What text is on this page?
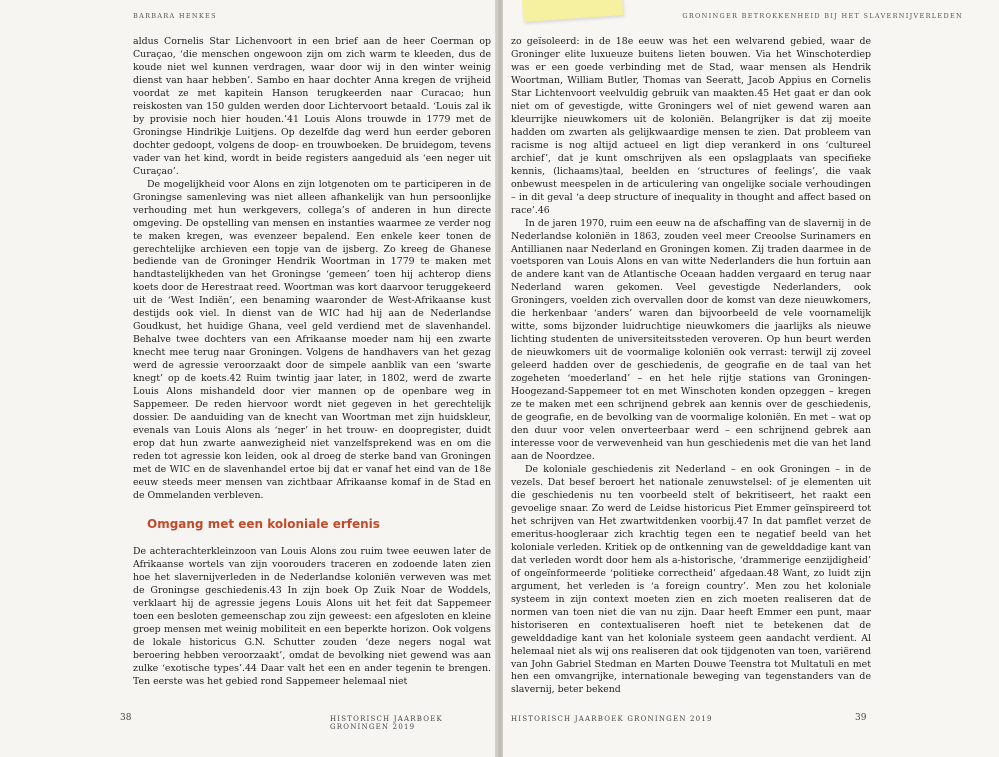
BARBARA HENKES

aldus Cornelis Star Lichenvoort in een brief aan de heer Coerman op Curaçao, ‘die menschen ongewoon zijn om zich warm te kleeden, dus de koude niet wel kunnen verdragen, waar door wij in den winter weinig dienst van haar hebben’. Sambo en haar dochter Anna kregen de vrijheid voordat ze met kapitein Hanson terugkeerden naar Curacao; hun reiskosten van 150 gulden werden door Lichtervoort betaald. ‘Louis zal ik by provisie noch hier houden.’41 Louis Alons trouwde in 1779 met de Groningse Hindrikje Luitjens. Op dezelfde dag werd hun eerder geboren dochter gedoopt, volgens de doop- en trouwboeken. De bruidegom, tevens vader van het kind, wordt in beide registers aangeduid als ‘een neger uit Curaçao’.

De mogelijkheid voor Alons en zijn lotgenoten om te participeren in de Groningse samenleving was niet alleen afhankelijk van hun persoonlijke verhouding met hun werkgevers, collega’s of anderen in hun directe omgeving. De opstelling van mensen en instanties waarmee ze verder nog te maken kregen, was evenzeer bepalend. Een enkele keer tonen de gerechtelijke archieven een topje van de ijsberg. Zo kreeg de Ghanese bediende van de Groninger Hendrik Woortman in 1779 te maken met handtastelijkheden van het Groningse ‘gemeen’ toen hij achterop diens koets door de Herestraat reed. Woortman was kort daarvoor teruggekeerd uit de ‘West Indiën’, een benaming waaronder de West-Afrikaanse kust destijds ook viel. In dienst van de WIC had hij aan de Nederlandse Goudkust, het huidige Ghana, veel geld verdiend met de slavenhandel. Behalve twee dochters van een Afrikaanse moeder nam hij een zwarte knecht mee terug naar Groningen. Volgens de handhavers van het gezag werd de agressie veroorzaakt door de simpele aanblik van een ‘swarte knegt’ op de koets.42 Ruim twintig jaar later, in 1802, werd de zwarte Louis Alons mishandeld door vier mannen op de openbare weg in Sappemeer. De reden hiervoor wordt niet gegeven in het gerechtelijk dossier. De aanduiding van de knecht van Woortman met zijn huidskleur, evenals van Louis Alons als ‘neger’ in het trouw- en doopregister, duidt erop dat hun zwarte aanwezigheid niet vanzelfsprekend was en om die reden tot agressie kon leiden, ook al droeg de sterke band van Groningen met de WIC en de slavenhandel ertoe bij dat er vanaf het eind van de 18e eeuw steeds meer mensen van zichtbaar Afrikaanse komaf in de Stad en de Ommelanden verbleven.

Omgang met een koloniale erfenis

De achterachterkleinzoon van Louis Alons zou ruim twee eeuwen later de Afrikaanse wortels van zijn voorouders traceren en zodoende laten zien hoe het slavernijverleden in de Nederlandse koloniën verweven was met de Groningse geschiedenis.43 In zijn boek Op Zuik Noar de Woddels, verklaart hij de agressie jegens Louis Alons uit het feit dat Sappemeer toen een besloten gemeenschap zou zijn geweest: een afgesloten en kleine groep mensen met weinig mobiliteit en een beperkte horizon. Ook volgens de lokale historicus G.N. Schutter zouden ‘deze negers nogal wat beroering hebben veroorzaakt’, omdat de bevolking niet gewend was aan zulke ‘exotische types’.44 Daar valt het een en ander tegenin te brengen. Ten eerste was het gebied rond Sappemeer helemaal niet

38	HISTORISCH JAARBOEK GRONINGEN 2019
GRONINGER BETROKKENHEID BIJ HET SLAVERNIJVERLEDEN

zo geïsoleerd: in de 18e eeuw was het een welvarend gebied, waar de Groninger elite luxueuze buitens lieten bouwen. Via het Winschoterdiep was er een goede verbinding met de Stad, waar mensen als Hendrik Woortman, William Butler, Thomas van Seeratt, Jacob Appius en Cornelis Star Lichtenvoort veelvuldig gebruik van maakten.45 Het gaat er dan ook niet om of gevestigde, witte Groningers wel of niet gewend waren aan kleurrijke nieuwkomers uit de koloniën. Belangrijker is dat zij moeite hadden om zwarten als gelijkwaardige mensen te zien. Dat probleem van racisme is nog altijd actueel en ligt diep verankerd in ons ‘cultureel archief’, dat je kunt omschrijven als een opslagplaats van specifieke kennis, (lichaams)taal, beelden en ‘structures of feelings’, die vaak onbewust meespelen in de articulering van ongelijke sociale verhoudingen – in dit geval ‘a deep structure of inequality in thought and affect based on race’.46

In de jaren 1970, ruim een eeuw na de afschaffing van de slavernij in de Nederlandse koloniën in 1863, zouden veel meer Creoolse Surinamers en Antillianen naar Nederland en Groningen komen. Zij traden daarmee in de voetsporen van Louis Alons en van witte Nederlanders die hun fortuin aan de andere kant van de Atlantische Oceaan hadden vergaard en terug naar Nederland waren gekomen. Veel gevestigde Nederlanders, ook Groningers, voelden zich overvallen door de komst van deze nieuwkomers, die herkenbaar ‘anders’ waren dan bijvoorbeeld de vele voornamelijk witte, soms bijzonder luidruchtige nieuwkomers die jaarlijks als nieuwe lichting studenten de universiteitssteden veroveren. Op hun beurt werden de nieuwkomers uit de voormalige koloniën ook verrast: terwijl zij zoveel geleerd hadden over de geschiedenis, de geografie en de taal van het zogeheten ‘moederland’ – en het hele rijtje stations van Groningen-Hoogezand-Sappemeer tot en met Winschoten konden opzeggen – kregen ze te maken met een schrijnend gebrek aan kennis over de geschiedenis, de geografie, en de bevolking van de voormalige koloniën. En met – wat op den duur voor velen onverteerbaar werd – een schrijnend gebrek aan interesse voor de verwevenheid van hun geschiedenis met die van het land aan de Noordzee.

De koloniale geschiedenis zit Nederland – en ook Groningen – in de vezels. Dat besef beroert het nationale zenuwstelsel: of je elementen uit die geschiedenis nu ten voorbeeld stelt of bekritiseert, het raakt een gevoelige snaar. Zo werd de Leidse historicus Piet Emmer geïnspireerd tot het schrijven van Het zwartwitdenken voorbij.47 In dat pamflet verzet de emeritus-hoogleraar zich krachtig tegen een te negatief beeld van het koloniale verleden. Kritiek op de ontkenning van de gewelddadige kant van dat verleden wordt door hem als a-historische, ‘drammerige eenzijdigheid’ of ongeïnformeerde ‘politieke correctheid’ afgedaan.48 Want, zo luidt zijn argument, het verleden is ‘a foreign country’. Men zou het koloniale systeem in zijn context moeten zien en zich moeten realiseren dat de normen van toen niet die van nu zijn. Daar heeft Emmer een punt, maar historiseren en contextualiseren hoeft niet te betekenen dat de gewelddadige kant van het koloniale systeem geen aandacht verdient. Al helemaal niet als wij ons realiseren dat ook tijdgenoten van toen, variërend van John Gabriel Stedman en Marten Douwe Teenstra tot Multatuli en met hen een omvangrijke, internationale beweging van tegenstanders van de slavernij, beter bekend

HISTORISCH JAARBOEK GRONINGEN 2019	39
